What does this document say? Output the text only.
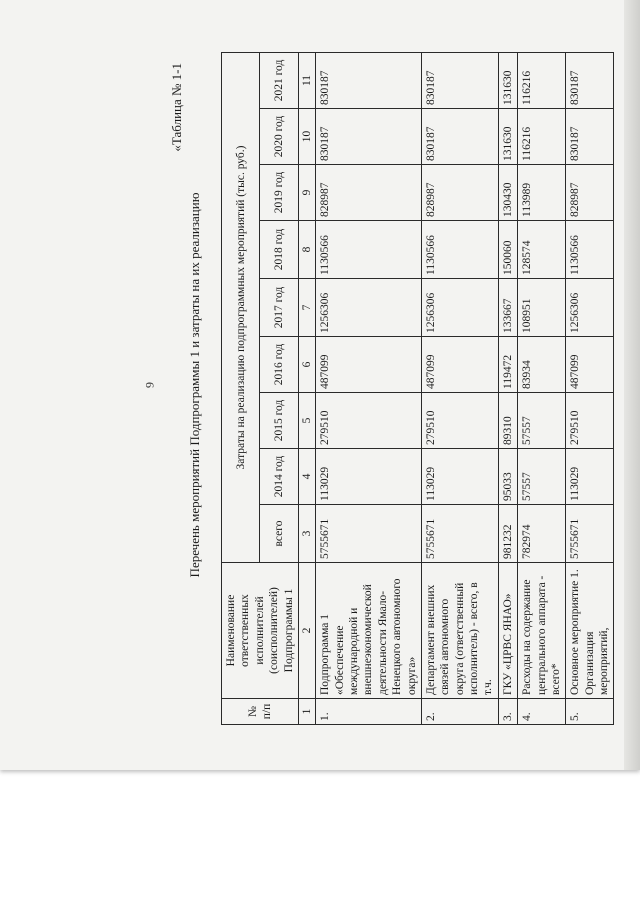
9
«Таблица № 1-1
Перечень мероприятий Подпрограммы 1 и затраты на их реализацию
№ п/п	Наименование ответственных исполнителей (соисполнителей) Подпрограммы 1	Затраты на реализацию подпрограммных мероприятий (тыс. руб.)								
		всего	2014 год	2015 год	2016 год	2017 год	2018 год	2019 год	2020 год	2021 год
1	2	3	4	5	6	7	8	9	10	11
1.	Подпрограмма 1 «Обеспечение международной и внешнеэкономической деятельности Ямало-Ненецкого автономного округа»	5755671	113029	279510	487099	1256306	1130566	828987	830187	830187
2.	Департамент внешних связей автономного округа (ответственный исполнитель) - всего, в т.ч.	5755671	113029	279510	487099	1256306	1130566	828987	830187	830187
3.	ГКУ «ЦРВС ЯНАО»	981232	95033	89310	119472	133667	150060	130430	131630	131630
4.	Расходы на содержание центрального аппарата - всего*	782974	57557	57557	83934	108951	128574	113989	116216	116216
5.	Основное мероприятие 1. Организация мероприятий,	5755671	113029	279510	487099	1256306	1130566	828987	830187	830187
